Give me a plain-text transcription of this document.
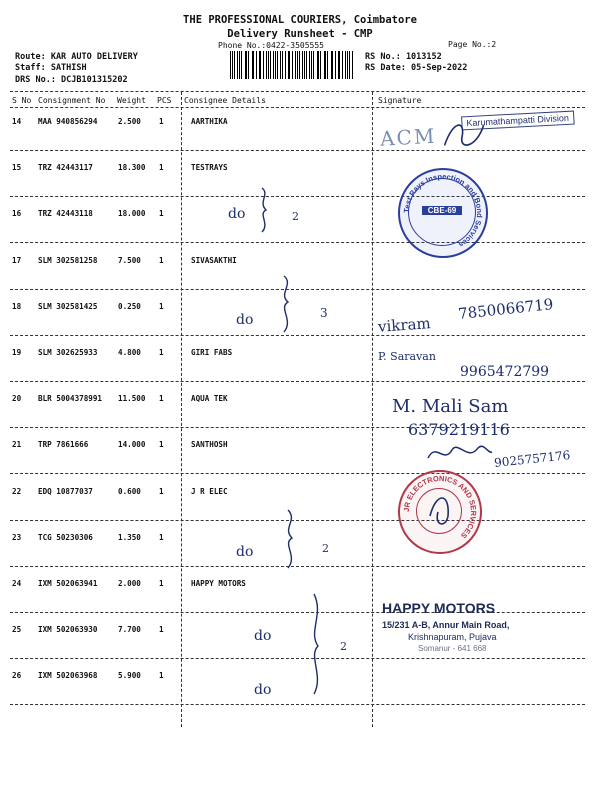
THE PROFESSIONAL COURIERS, Coimbatore
Delivery Runsheet - CMP
Phone No.:0422-3505555	Page No.:2
Route: KAR AUTO DELIVERY
Staff: SATHISH
DRS No.: DCJB101315202
RS No.: 1013152
RS Date: 05-Sep-2022
S No Consignment No Weight PCS Consignee Details	Signature
14 MAA 940856294	2.500 1	AARTHIKA
15 TRZ 42443117	18.300 1	TESTRAYS
16 TRZ 42443118	18.000 1
17 SLM 302581258	7.500 1	SIVASAKTHI
18 SLM 302581425	0.250 1
19 SLM 302625933	4.800 1	GIRI FABS
20 BLR 5004378991 11.500 1	AQUA TEK
21 TRP 7861666	14.000 1	SANTHOSH
22 EDQ 10877037	0.600 1	J R ELEC
23 TCG 50230306	1.350 1
24 IXM 502063941	2.000 1	HAPPY MOTORS
25 IXM 502063930	7.700 1
26 IXM 502063968	5.900 1
do	2
do	3
do	2
do
2
do
ACM
Karumathampatti Division
Test Rays Inspection and Bond Services
CBE-69
vikram
7850066719
P. Saravan
9965472799
M. Mali Sam
6379219116
9025757176
JR ELECTRONICS AND SERVICES
HAPPY MOTORS
15/231 A-B, Annur Main Road,
Krishnapuram, Pujava
Somanur - 641 668
